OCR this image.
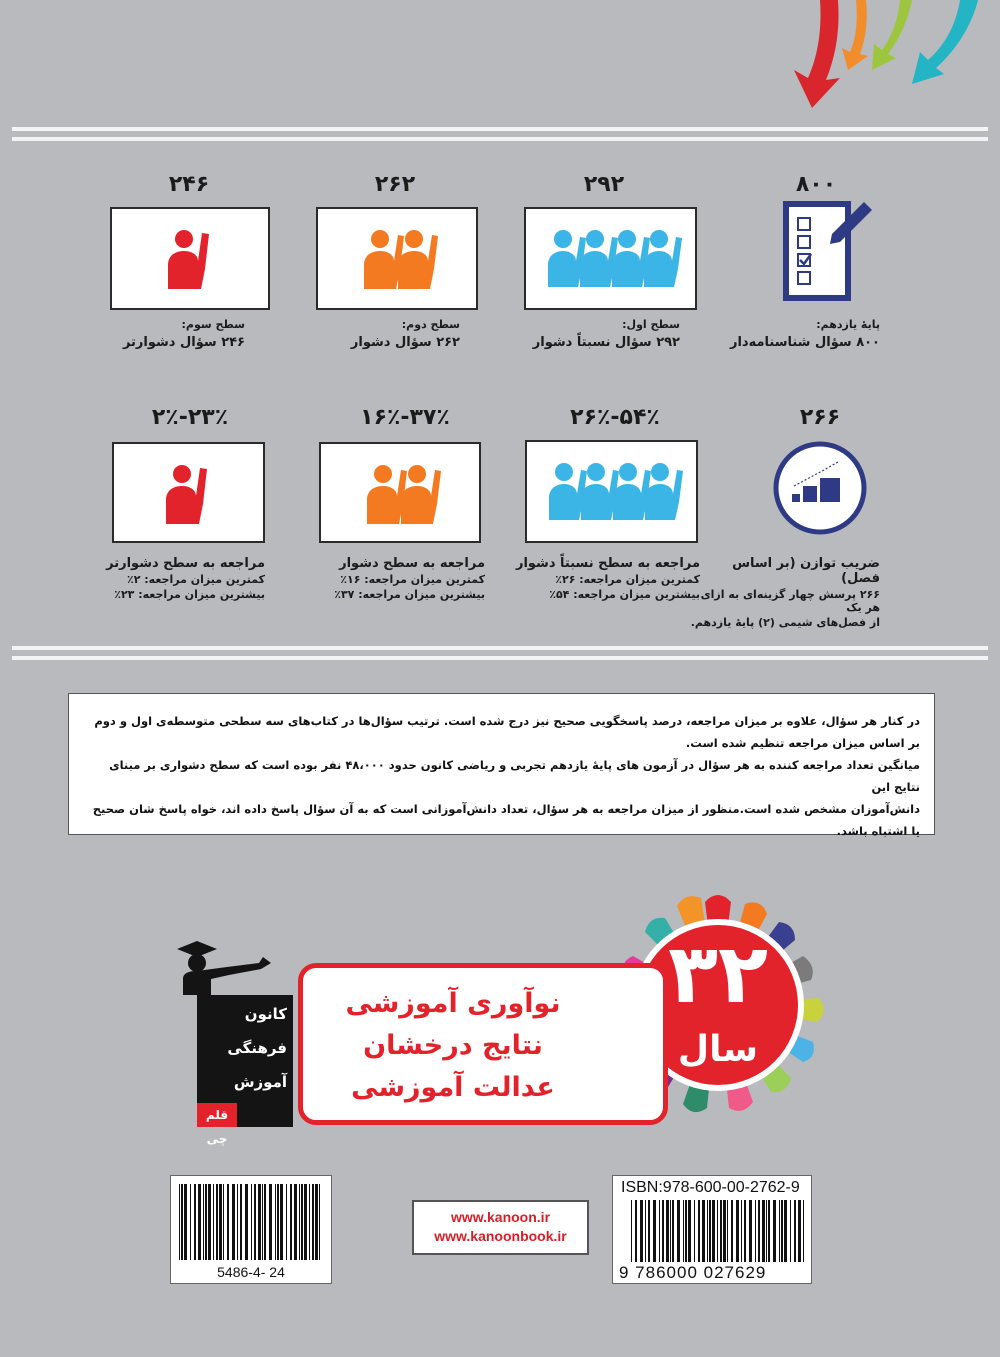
۸۰۰
۲۹۲
۲۶۲
۲۴۶
پایه‌ٔ یازدهم:
۸۰۰ سؤال شناسنامه‌دار
سطح اول:
۲۹۲ سؤال نسبتاً دشوار
سطح دوم:
۲۶۲ سؤال دشوار
سطح سوم:
۲۴۶ سؤال دشوارتر
۲۶۶
۲۶٪-۵۴٪
۱۶٪-۳۷٪
۲٪-۲۳٪
ضریب توازن (بر اساس فصل)
۲۶۶ پرسش چهار گزینه‌ای به ازای هر یک
از فصل‌های شیمی (۲) پایه‌ٔ یازدهم.
مراجعه به سطح نسبتاً دشوار
کمترین میزان مراجعه: ۲۶٪
بیشترین میزان مراجعه: ۵۴٪
مراجعه به سطح دشوار
کمترین میزان مراجعه: ۱۶٪
بیشترین میزان مراجعه: ۳۷٪
مراجعه به سطح دشوارتر
کمترین میزان مراجعه: ۲٪
بیشترین میزان مراجعه: ۲۳٪
در کنار هر سؤال، علاوه بر میزان مراجعه، درصد پاسخگویی صحیح نیز درج شده است. ترتیب سؤال‌ها در کتاب‌های سه سطحی متوسطه‌ی اول و دوم
بر اساس میزان مراجعه تنظیم شده است.
میانگین تعداد مراجعه کننده به هر سؤال در آزمون های پایه‌ٔ یازدهم تجربی و ریاضی کانون حدود ۴۸،۰۰۰ نفر بوده است که سطح دشواری بر مبنای نتایج این
دانش‌آموزان مشخص شده است.منظور از میزان مراجعه به هر سؤال، تعداد دانش‌آموزانی است که به آن سؤال پاسخ داده اند، خواه پاسخ شان صحیح یا اشتباه باشد.
۳۲
سال
نوآوری آموزشی
نتایج درخشان
عدالت آموزشی
کانون
فرهنگی
آموزش
قلم چی
5486-4- 24
www.kanoon.ir
www.kanoonbook.ir
ISBN:978-600-00-2762-9
9 786000 027629
